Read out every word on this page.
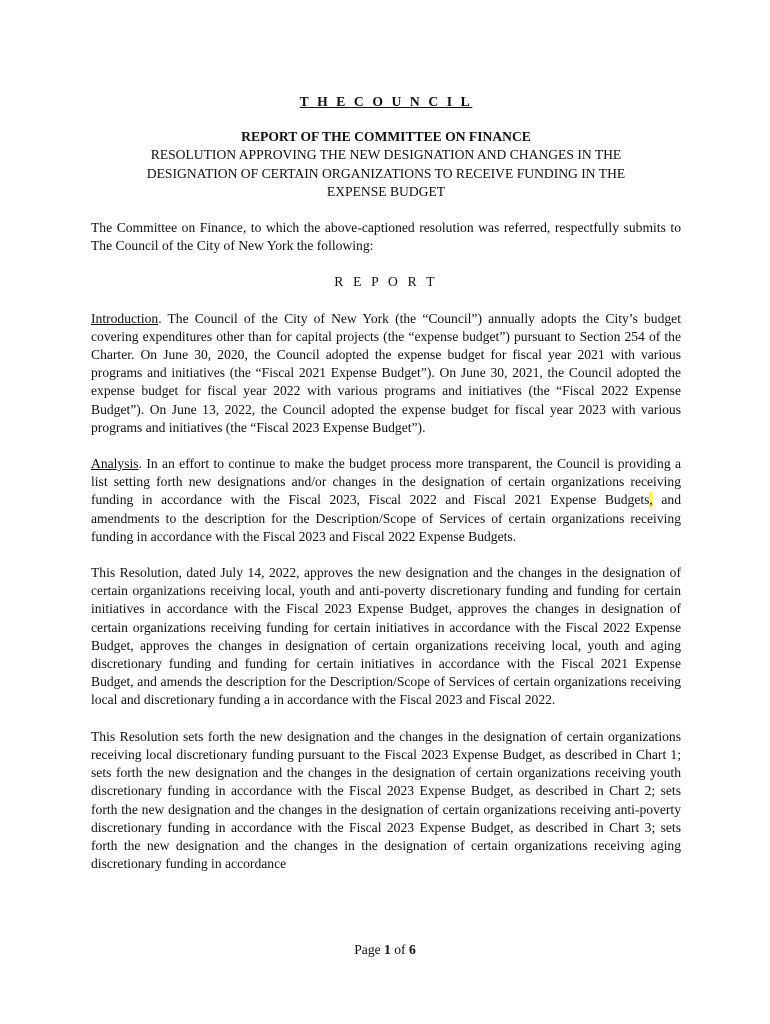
T H E C O U N C I L
REPORT OF THE COMMITTEE ON FINANCE
RESOLUTION APPROVING THE NEW DESIGNATION AND CHANGES IN THE
DESIGNATION OF CERTAIN ORGANIZATIONS TO RECEIVE FUNDING IN THE
EXPENSE BUDGET

The Committee on Finance, to which the above-captioned resolution was referred, respectfully submits to The Council of the City of New York the following:

R E P O R T

Introduction. The Council of the City of New York (the “Council”) annually adopts the City’s budget covering expenditures other than for capital projects (the “expense budget”) pursuant to Section 254 of the Charter. On June 30, 2020, the Council adopted the expense budget for fiscal year 2021 with various programs and initiatives (the “Fiscal 2021 Expense Budget”). On June 30, 2021, the Council adopted the expense budget for fiscal year 2022 with various programs and initiatives (the “Fiscal 2022 Expense Budget”). On June 13, 2022, the Council adopted the expense budget for fiscal year 2023 with various programs and initiatives (the “Fiscal 2023 Expense Budget”).

Analysis. In an effort to continue to make the budget process more transparent, the Council is providing a list setting forth new designations and/or changes in the designation of certain organizations receiving funding in accordance with the Fiscal 2023, Fiscal 2022 and Fiscal 2021 Expense Budgets, and amendments to the description for the Description/Scope of Services of certain organizations receiving funding in accordance with the Fiscal 2023 and Fiscal 2022 Expense Budgets.

This Resolution, dated July 14, 2022, approves the new designation and the changes in the designation of certain organizations receiving local, youth and anti-poverty discretionary funding and funding for certain initiatives in accordance with the Fiscal 2023 Expense Budget, approves the changes in designation of certain organizations receiving funding for certain initiatives in accordance with the Fiscal 2022 Expense Budget, approves the changes in designation of certain organizations receiving local, youth and aging discretionary funding and funding for certain initiatives in accordance with the Fiscal 2021 Expense Budget, and amends the description for the Description/Scope of Services of certain organizations receiving local and discretionary funding a in accordance with the Fiscal 2023 and Fiscal 2022.

This Resolution sets forth the new designation and the changes in the designation of certain organizations receiving local discretionary funding pursuant to the Fiscal 2023 Expense Budget, as described in Chart 1; sets forth the new designation and the changes in the designation of certain organizations receiving youth discretionary funding in accordance with the Fiscal 2023 Expense Budget, as described in Chart 2; sets forth the new designation and the changes in the designation of certain organizations receiving anti-poverty discretionary funding in accordance with the Fiscal 2023 Expense Budget, as described in Chart 3; sets forth the new designation and the changes in the designation of certain organizations receiving aging discretionary funding in accordance

Page 1 of 6
